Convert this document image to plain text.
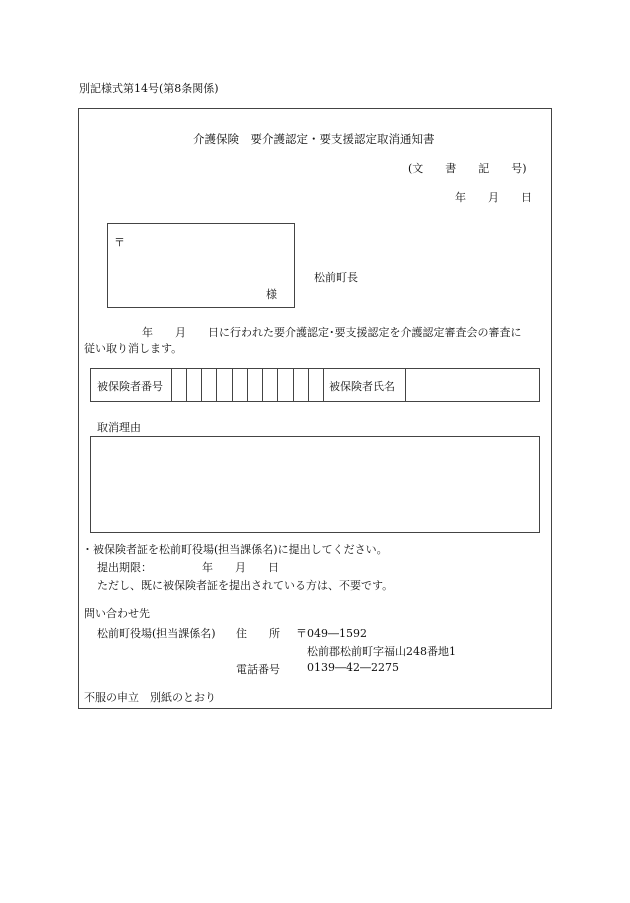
別記様式第14号(第8条関係)
介護保険　要介護認定・要支援認定取消通知書
(文　　書　　記　　号)
年　　月　　日
〒
様
松前町長
年　　月　　日に行われた要介護認定･要支援認定を介護認定審査会の審査に
従い取り消します。
被保険者番号	被保険者氏名
取消理由
・被保険者証を松前町役場(担当課係名)に提出してください。
提出期限：	年　　月　　日
ただし、既に被保険者証を提出されている方は、不要です。
問い合わせ先
松前町役場(担当課係名) 住　　所 〒049―1592
松前郡松前町字福山248番地1
電話番号 0139―42―2275
不服の申立　別紙のとおり
